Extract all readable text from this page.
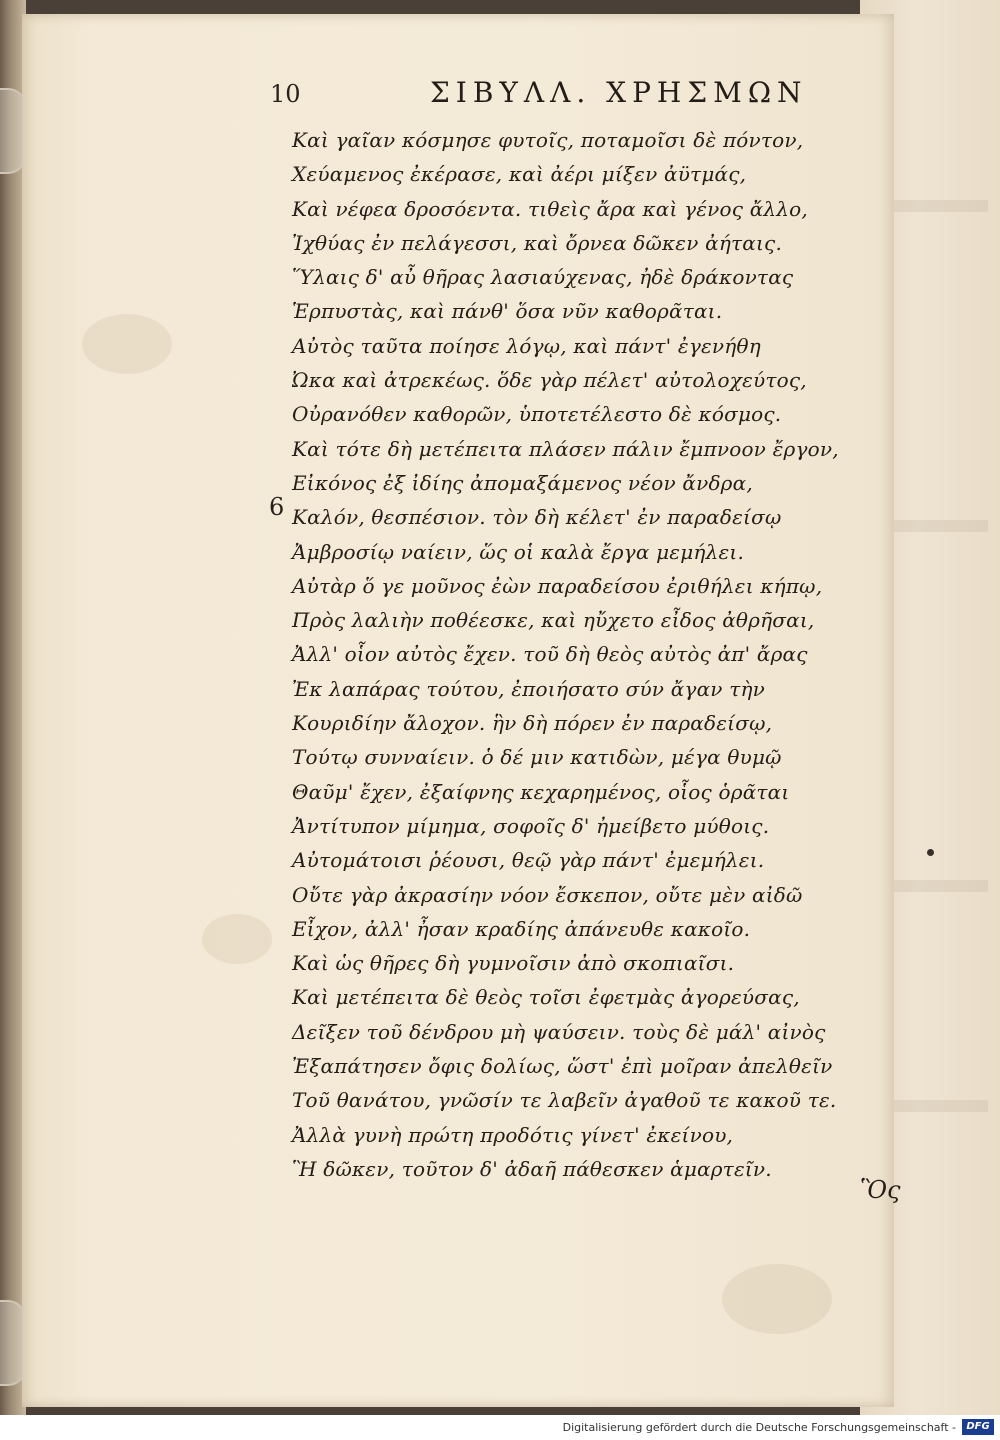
10	ΣΙΒΥΛΛ. ΧΡΗΣΜΩΝ
6
Καὶ γαῖαν κόσμησε φυτοῖς, ποταμοῖσι δὲ πόντον,
Χεύαμενος ἐκέρασε, καὶ ἀέρι μίξεν ἀϋτμάς,
Καὶ νέφεα δροσόεντα. τιθεὶς ἄρα καὶ γένος ἄλλο,
Ἰχθύας ἐν πελάγεσσι, καὶ ὄρνεα δῶκεν ἀήταις.
Ὕλαις δ' αὖ θῆρας λασιαύχενας, ἠδὲ δράκοντας
Ἑρπυστὰς, καὶ πάνθ' ὅσα νῦν καθορᾶται.
Αὐτὸς ταῦτα ποίησε λόγῳ, καὶ πάντ' ἐγενήθη
Ὠκα καὶ ἀτρεκέως. ὅδε γὰρ πέλετ' αὐτολοχεύτος,
Οὐρανόθεν καθορῶν, ὑποτετέλεστο δὲ κόσμος.
Καὶ τότε δὴ μετέπειτα πλάσεν πάλιν ἔμπνοον ἔργον,
Εἰκόνος ἐξ ἰδίης ἀπομαξάμενος νέον ἄνδρα,
Καλόν, θεσπέσιον. τὸν δὴ κέλετ' ἐν παραδείσῳ
Ἀμβροσίῳ ναίειν, ὥς οἱ καλὰ ἔργα μεμήλει.
Αὐτὰρ ὅ γε μοῦνος ἐὼν παραδείσου ἐριθήλει κήπῳ,
Πρὸς λαλιὴν ποθέεσκε, καὶ ηὔχετο εἶδος ἀθρῆσαι,
Ἀλλ' οἷον αὐτὸς ἔχεν. τοῦ δὴ θεὸς αὐτὸς ἀπ' ἄρας
Ἐκ λαπάρας τούτου, ἐποιήσατο σύν ἄγαν τὴν
Κουριδίην ἄλοχον. ἣν δὴ πόρεν ἐν παραδείσῳ,
Τούτῳ συνναίειν. ὁ δέ μιν κατιδὼν, μέγα θυμῷ
Θαῦμ' ἔχεν, ἐξαίφνης κεχαρημένος, οἷος ὁρᾶται
Ἀντίτυπον μίμημα, σοφοῖς δ' ἠμείβετο μύθοις.
Αὐτομάτοισι ῥέουσι, θεῷ γὰρ πάντ' ἐμεμήλει.
Οὔτε γὰρ ἀκρασίην νόον ἔσκεπον, οὔτε μὲν αἰδῶ
Εἶχον, ἀλλ' ἦσαν κραδίης ἀπάνευθε κακοῖο.
Καὶ ὡς θῆρες δὴ γυμνοῖσιν ἀπὸ σκοπιαῖσι.
Καὶ μετέπειτα δὲ θεὸς τοῖσι ἐφετμὰς ἀγορεύσας,
Δεῖξεν τοῦ δένδρου μὴ ψαύσειν. τοὺς δὲ μάλ' αἰνὸς
Ἐξαπάτησεν ὄφις δολίως, ὥστ' ἐπὶ μοῖραν ἀπελθεῖν
Τοῦ θανάτου, γνῶσίν τε λαβεῖν ἀγαθοῦ τε κακοῦ τε.
Ἀλλὰ γυνὴ πρώτη προδότις γίνετ' ἐκείνου,
Ἣ δῶκεν, τοῦτον δ' ἀδαῆ πάθεσκεν ἁμαρτεῖν.
Ὃς
Digitalisierung gefördert durch die Deutsche Forschungsgemeinschaft -	DFG
